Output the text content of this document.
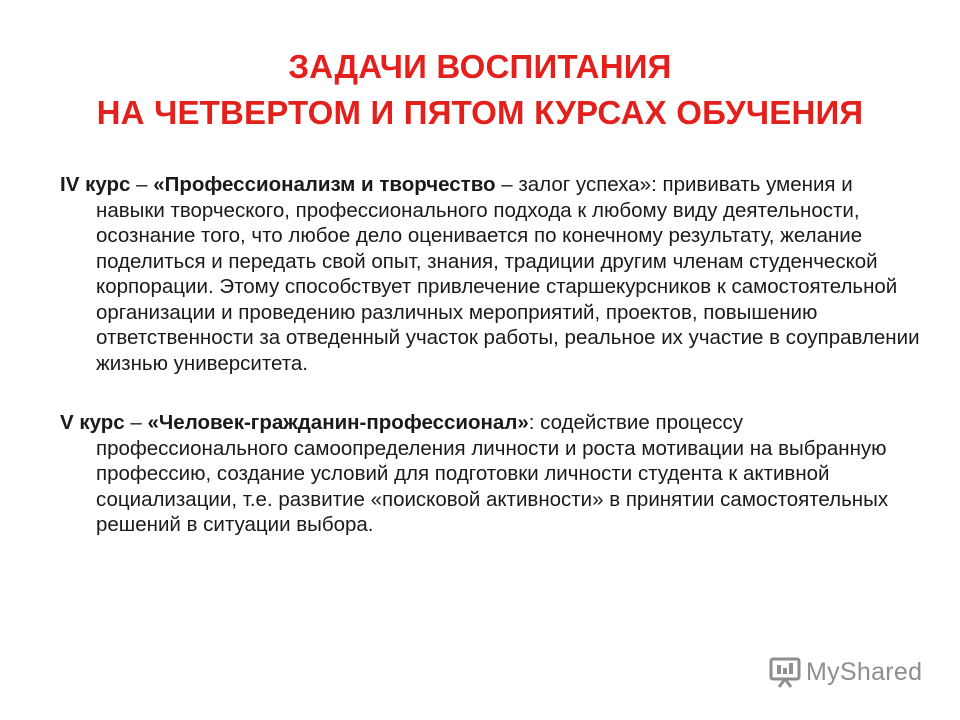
ЗАДАЧИ ВОСПИТАНИЯ
НА ЧЕТВЕРТОМ И ПЯТОМ КУРСАХ ОБУЧЕНИЯ

IV курс – «Профессионализм и творчество – залог успеха»: прививать умения и навыки творческого, профессионального подхода к любому виду деятельности, осознание того, что любое дело оценивается по конечному результату, желание поделиться и передать свой опыт, знания, традиции другим членам студенческой корпорации. Этому способствует привлечение старшекурсников к самостоятельной организации и проведению различных мероприятий, проектов, повышению ответственности за отведенный участок работы, реальное их участие в соуправлении жизнью университета.

V курс – «Человек-гражданин-профессионал»: содействие процессу профессионального самоопределения личности и роста мотивации на выбранную профессию, создание условий для подготовки личности студента к активной социализации, т.е. развитие «поисковой активности» в принятии самостоятельных решений в ситуации выбора.

MyShared
